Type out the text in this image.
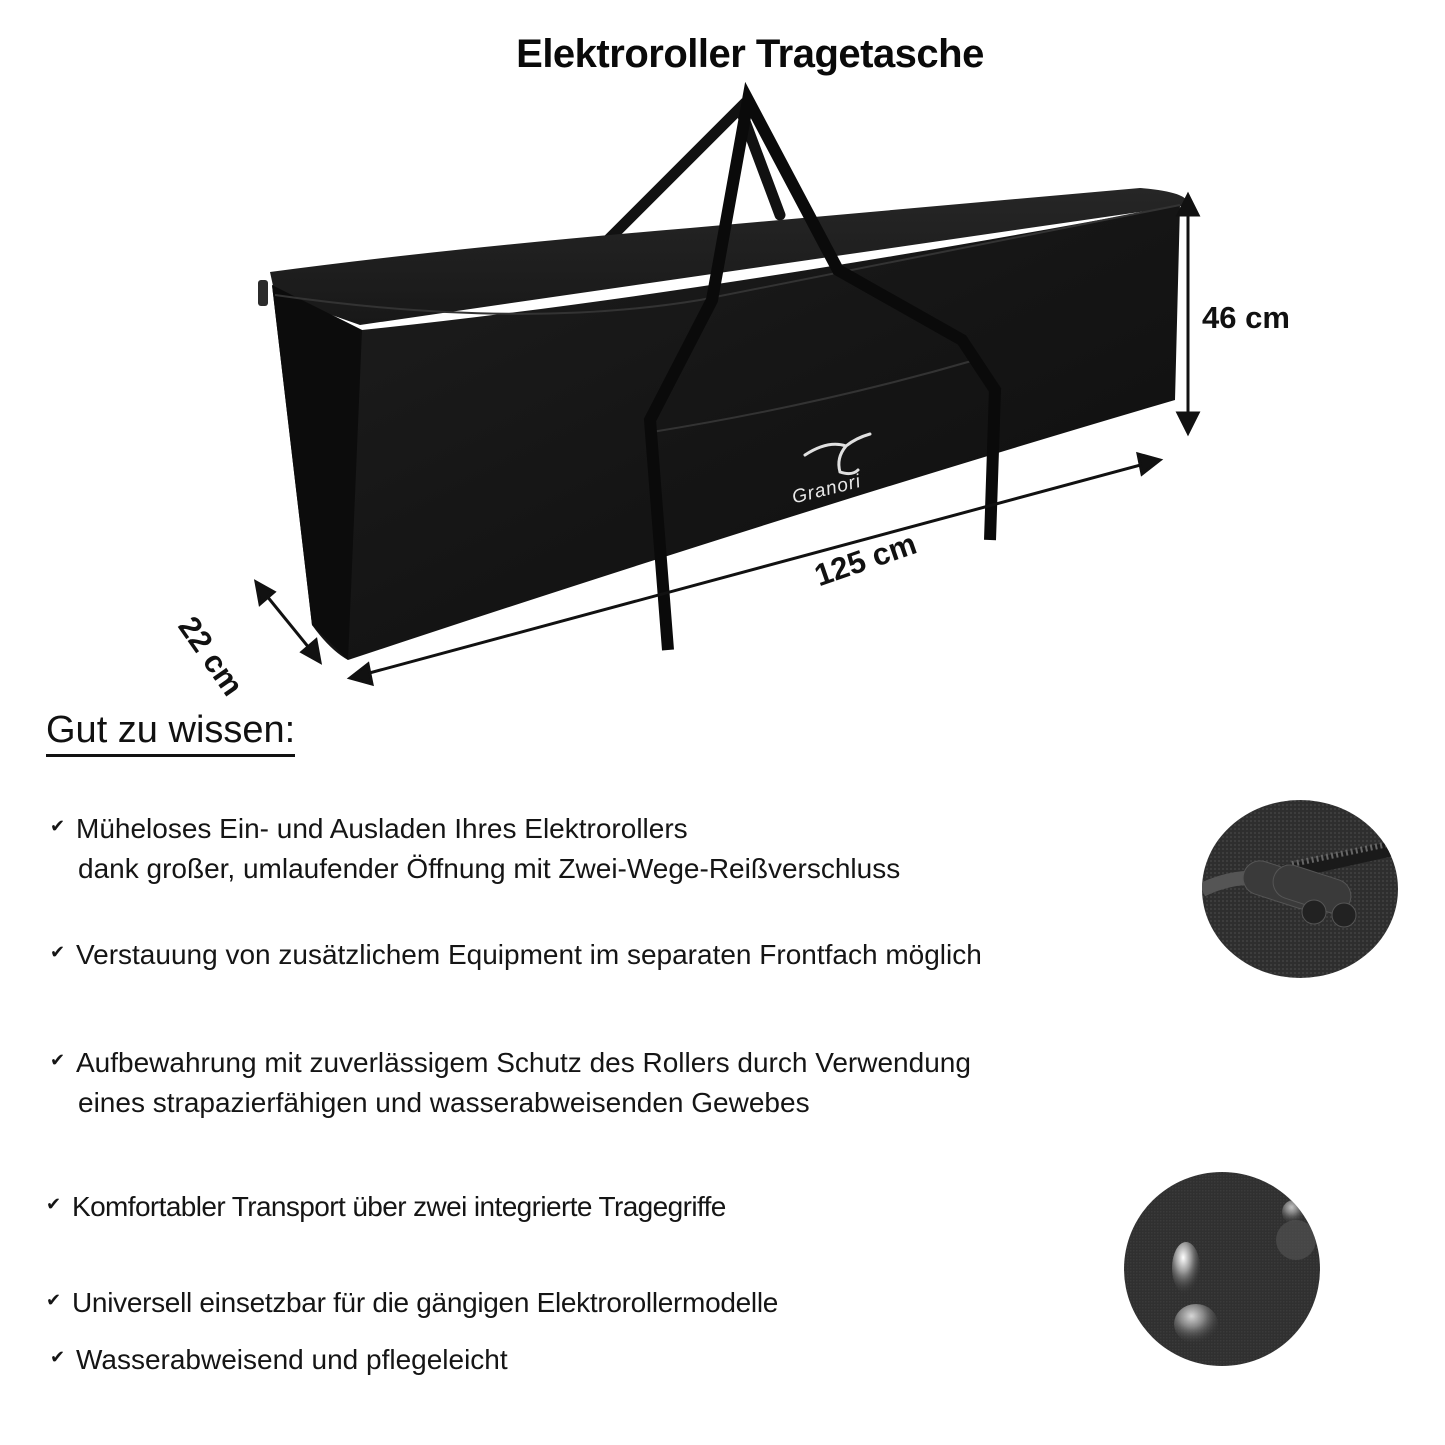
Elektroroller Tragetasche
Granori
46 cm
125 cm
22 cm
Gut zu wissen:
✔ Müheloses Ein- und Ausladen Ihres Elektrorollers
dank großer, umlaufender Öffnung mit Zwei-Wege-Reißverschluss
✔ Verstauung von zusätzlichem Equipment im separaten Frontfach möglich
✔ Aufbewahrung mit zuverlässigem Schutz des Rollers durch Verwendung
eines strapazierfähigen und wasserabweisenden Gewebes
✔ Komfortabler Transport über zwei integrierte Tragegriffe
✔ Universell einsetzbar für die gängigen Elektrorollermodelle
✔ Wasserabweisend und pflegeleicht
